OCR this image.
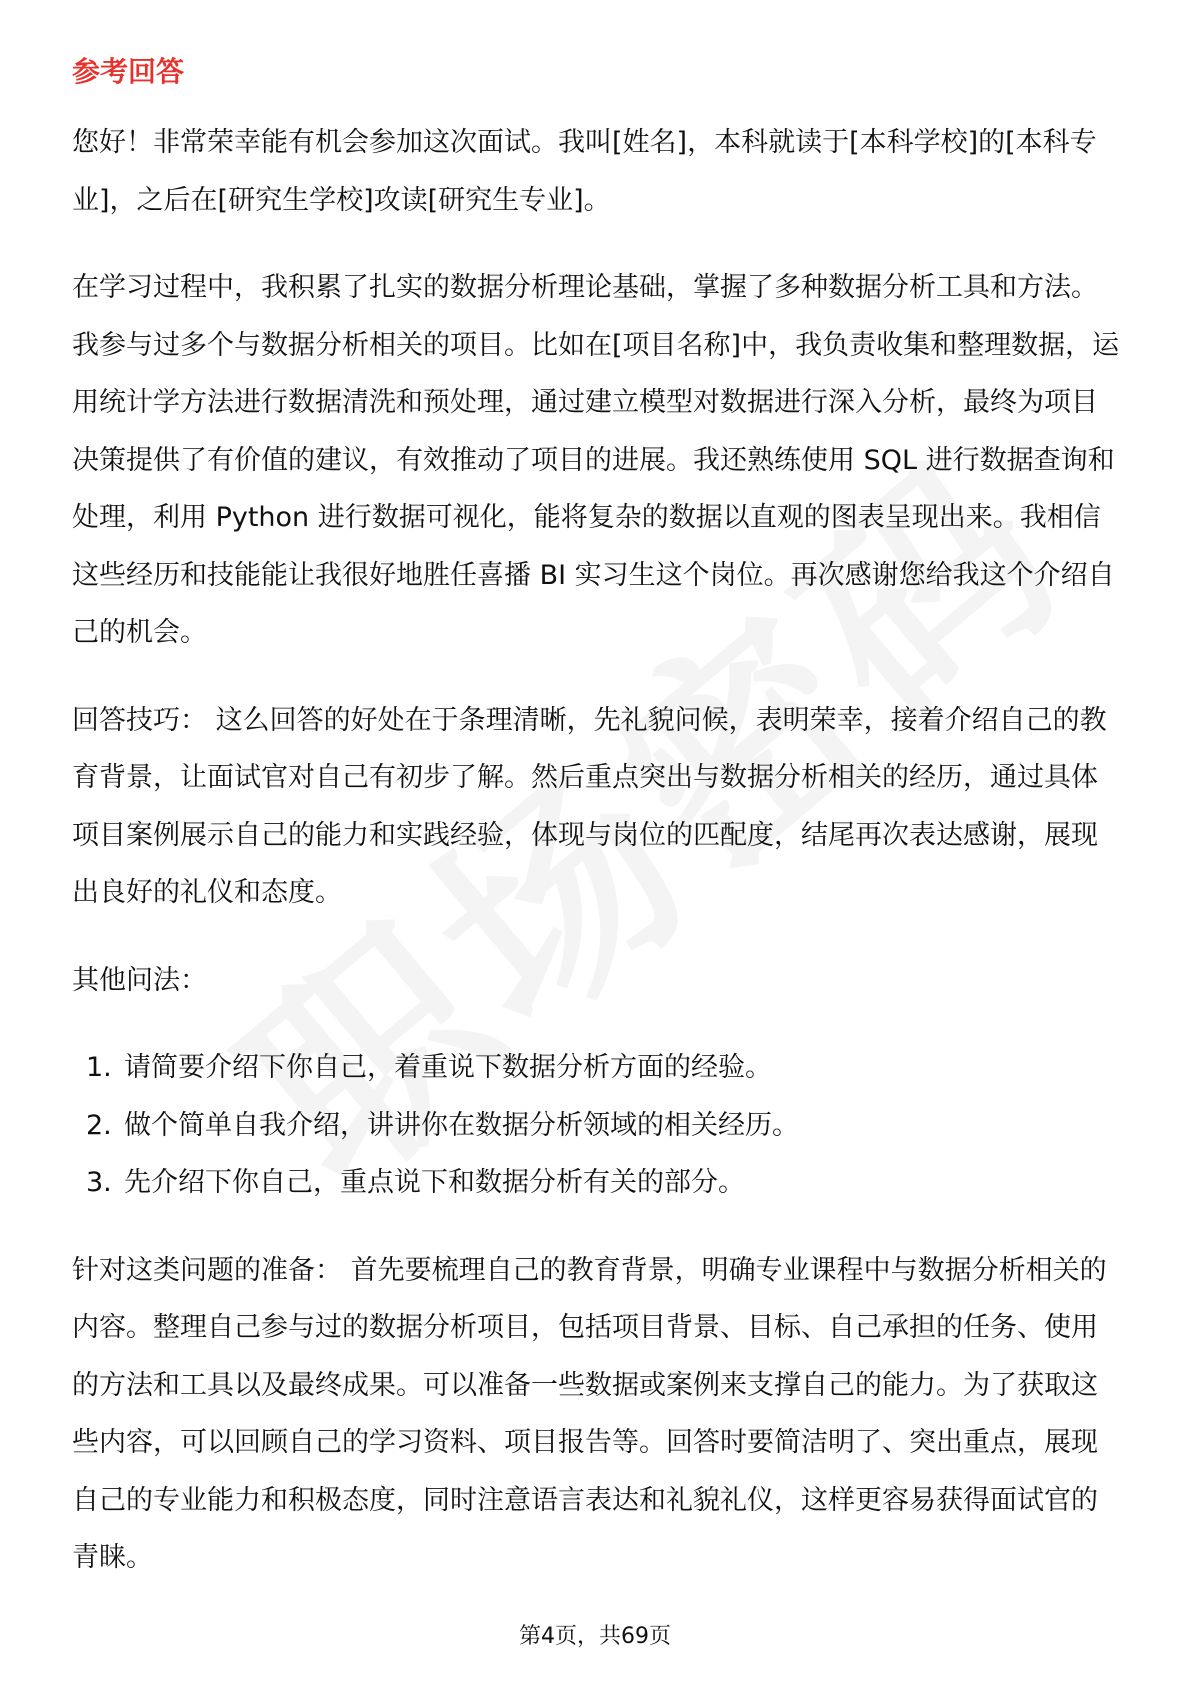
参考回答

您好！非常荣幸能有机会参加这次面试。我叫[姓名]，本科就读于[本科学校]的[本科专业]，之后在[研究生学校]攻读[研究生专业]。

在学习过程中，我积累了扎实的数据分析理论基础，掌握了多种数据分析工具和方法。我参与过多个与数据分析相关的项目。比如在[项目名称]中，我负责收集和整理数据，运用统计学方法进行数据清洗和预处理，通过建立模型对数据进行深入分析，最终为项目决策提供了有价值的建议，有效推动了项目的进展。我还熟练使用 SQL 进行数据查询和处理，利用 Python 进行数据可视化，能将复杂的数据以直观的图表呈现出来。我相信这些经历和技能能让我很好地胜任喜播 BI 实习生这个岗位。再次感谢您给我这个介绍自己的机会。

回答技巧： 这么回答的好处在于条理清晰，先礼貌问候，表明荣幸，接着介绍自己的教育背景，让面试官对自己有初步了解。然后重点突出与数据分析相关的经历，通过具体项目案例展示自己的能力和实践经验，体现与岗位的匹配度，结尾再次表达感谢，展现出良好的礼仪和态度。

其他问法：

1. 请简要介绍下你自己，着重说下数据分析方面的经验。
2. 做个简单自我介绍，讲讲你在数据分析领域的相关经历。
3. 先介绍下你自己，重点说下和数据分析有关的部分。

针对这类问题的准备： 首先要梳理自己的教育背景，明确专业课程中与数据分析相关的内容。整理自己参与过的数据分析项目，包括项目背景、目标、自己承担的任务、使用的方法和工具以及最终成果。可以准备一些数据或案例来支撑自己的能力。为了获取这些内容，可以回顾自己的学习资料、项目报告等。回答时要简洁明了、突出重点，展现自己的专业能力和积极态度，同时注意语言表达和礼貌礼仪，这样更容易获得面试官的青睐。

第4页，共69页
